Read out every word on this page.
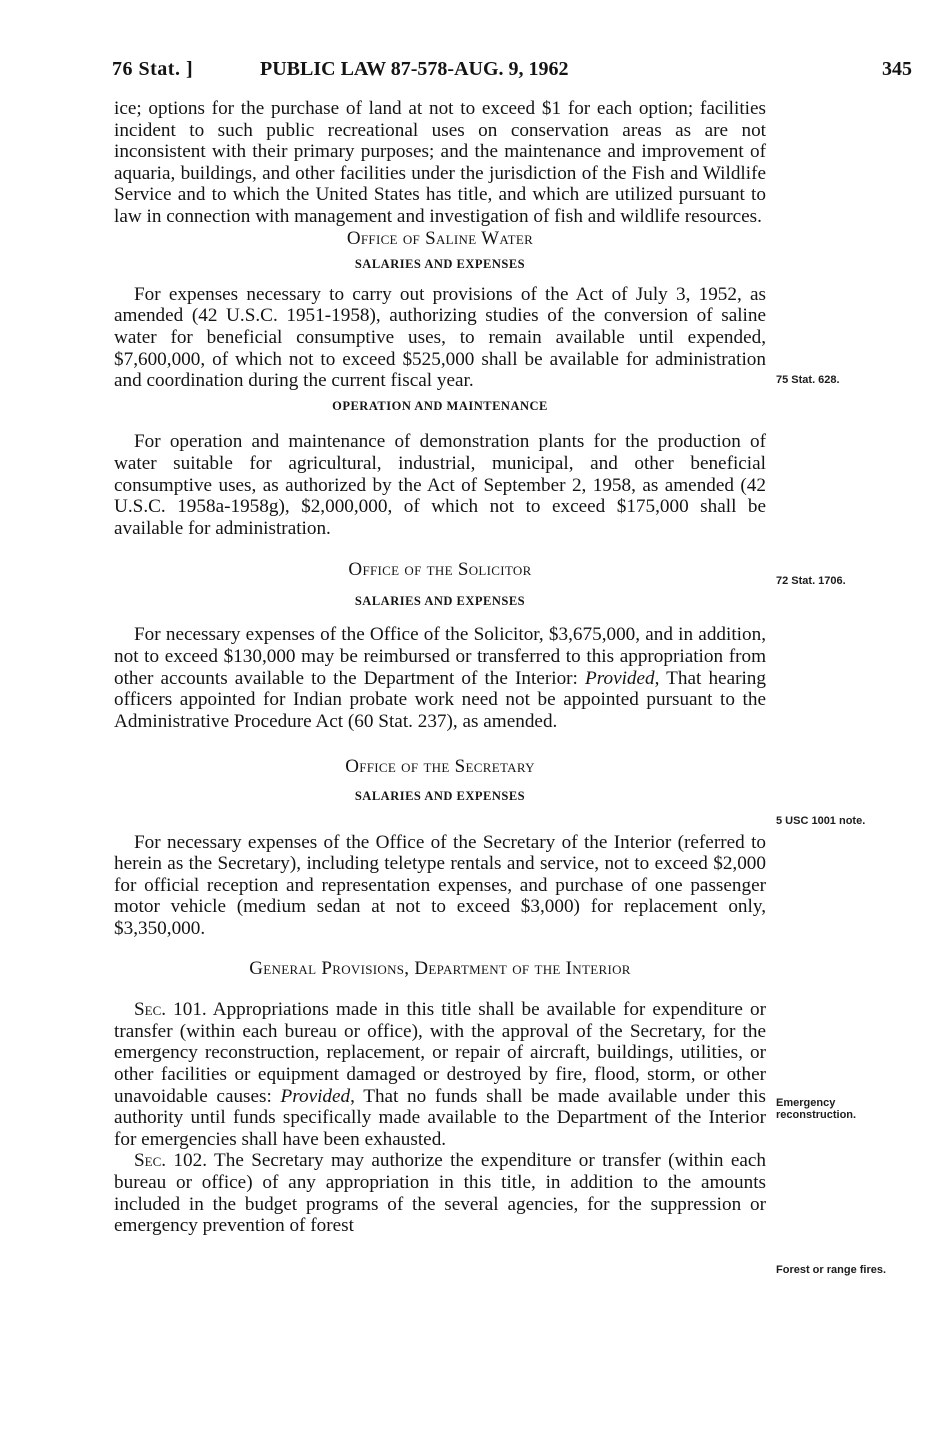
76 Stat. ]	PUBLIC LAW 87-578-AUG. 9, 1962	345

ice; options for the purchase of land at not to exceed $1 for each option; facilities incident to such public recreational uses on conservation areas as are not inconsistent with their primary purposes; and the maintenance and improvement of aquaria, buildings, and other facilities under the jurisdiction of the Fish and Wildlife Service and to which the United States has title, and which are utilized pursuant to law in connection with management and investigation of fish and wildlife resources.

Office of Saline Water

SALARIES AND EXPENSES

For expenses necessary to carry out provisions of the Act of July 3, 1952, as amended (42 U.S.C. 1951-1958), authorizing studies of the conversion of saline water for beneficial consumptive uses, to remain available until expended, $7,600,000, of which not to exceed $525,000 shall be available for administration and coordination during the current fiscal year.

OPERATION AND MAINTENANCE

For operation and maintenance of demonstration plants for the production of water suitable for agricultural, industrial, municipal, and other beneficial consumptive uses, as authorized by the Act of September 2, 1958, as amended (42 U.S.C. 1958a-1958g), $2,000,000, of which not to exceed $175,000 shall be available for administration.

Office of the Solicitor

SALARIES AND EXPENSES

For necessary expenses of the Office of the Solicitor, $3,675,000, and in addition, not to exceed $130,000 may be reimbursed or transferred to this appropriation from other accounts available to the Department of the Interior: Provided, That hearing officers appointed for Indian probate work need not be appointed pursuant to the Administrative Procedure Act (60 Stat. 237), as amended.

Office of the Secretary

SALARIES AND EXPENSES

For necessary expenses of the Office of the Secretary of the Interior (referred to herein as the Secretary), including teletype rentals and service, not to exceed $2,000 for official reception and representation expenses, and purchase of one passenger motor vehicle (medium sedan at not to exceed $3,000) for replacement only, $3,350,000.

General Provisions, Department of the Interior

Sec. 101. Appropriations made in this title shall be available for expenditure or transfer (within each bureau or office), with the approval of the Secretary, for the emergency reconstruction, replacement, or repair of aircraft, buildings, utilities, or other facilities or equipment damaged or destroyed by fire, flood, storm, or other unavoidable causes: Provided, That no funds shall be made available under this authority until funds specifically made available to the Department of the Interior for emergencies shall have been exhausted.

Sec. 102. The Secretary may authorize the expenditure or transfer (within each bureau or office) of any appropriation in this title, in addition to the amounts included in the budget programs of the several agencies, for the suppression or emergency prevention of forest

75 Stat. 628.
72 Stat. 1706.
5 USC 1001 note.
Emergency reconstruction.
Forest or range fires.
